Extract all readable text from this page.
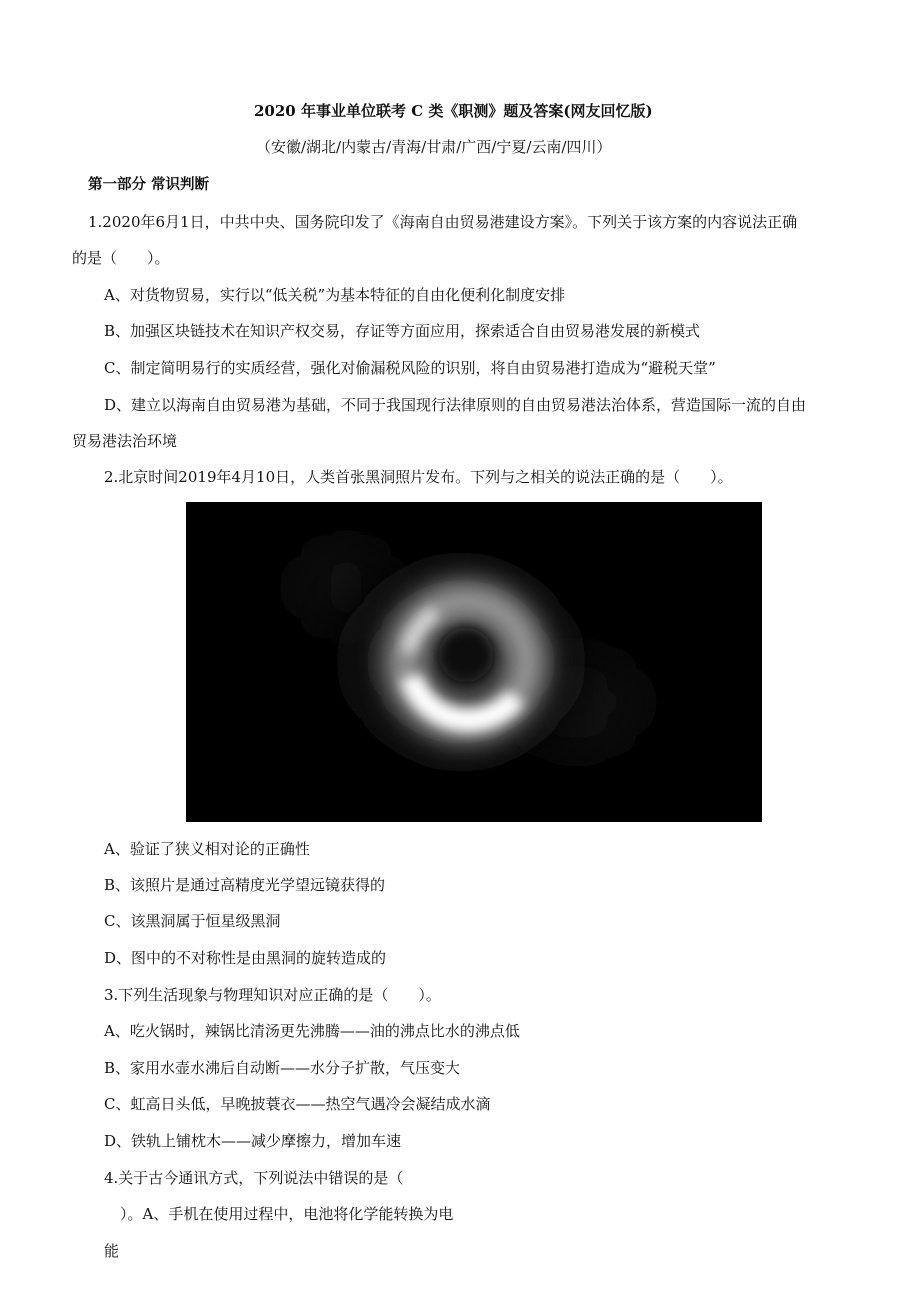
2020 年事业单位联考 C 类《职测》题及答案(网友回忆版)
（安徽/湖北/内蒙古/青海/甘肃/广西/宁夏/云南/四川）
第一部分 常识判断
1.2020年6月1日，中共中央、国务院印发了《海南自由贸易港建设方案》。下列关于该方案的内容说法正确
的是（　　）。
A、对货物贸易，实行以“低关税”为基本特征的自由化便利化制度安排
B、加强区块链技术在知识产权交易，存证等方面应用，探索适合自由贸易港发展的新模式
C、制定简明易行的实质经营，强化对偷漏税风险的识别，将自由贸易港打造成为“避税天堂”
D、建立以海南自由贸易港为基础，不同于我国现行法律原则的自由贸易港法治体系，营造国际一流的自由
贸易港法治环境
2.北京时间2019年4月10日，人类首张黑洞照片发布。下列与之相关的说法正确的是（　　）。
A、验证了狭义相对论的正确性
B、该照片是通过高精度光学望远镜获得的
C、该黑洞属于恒星级黑洞
D、图中的不对称性是由黑洞的旋转造成的
3.下列生活现象与物理知识对应正确的是（　　）。
A、吃火锅时，辣锅比清汤更先沸腾——油的沸点比水的沸点低
B、家用水壶水沸后自动断——水分子扩散，气压变大
C、虹高日头低，早晚披蓑衣——热空气遇冷会凝结成水滴
D、铁轨上铺枕木——减少摩擦力，增加车速
4.关于古今通讯方式，下列说法中错误的是（
）。A、手机在使用过程中，电池将化学能转换为电
能
